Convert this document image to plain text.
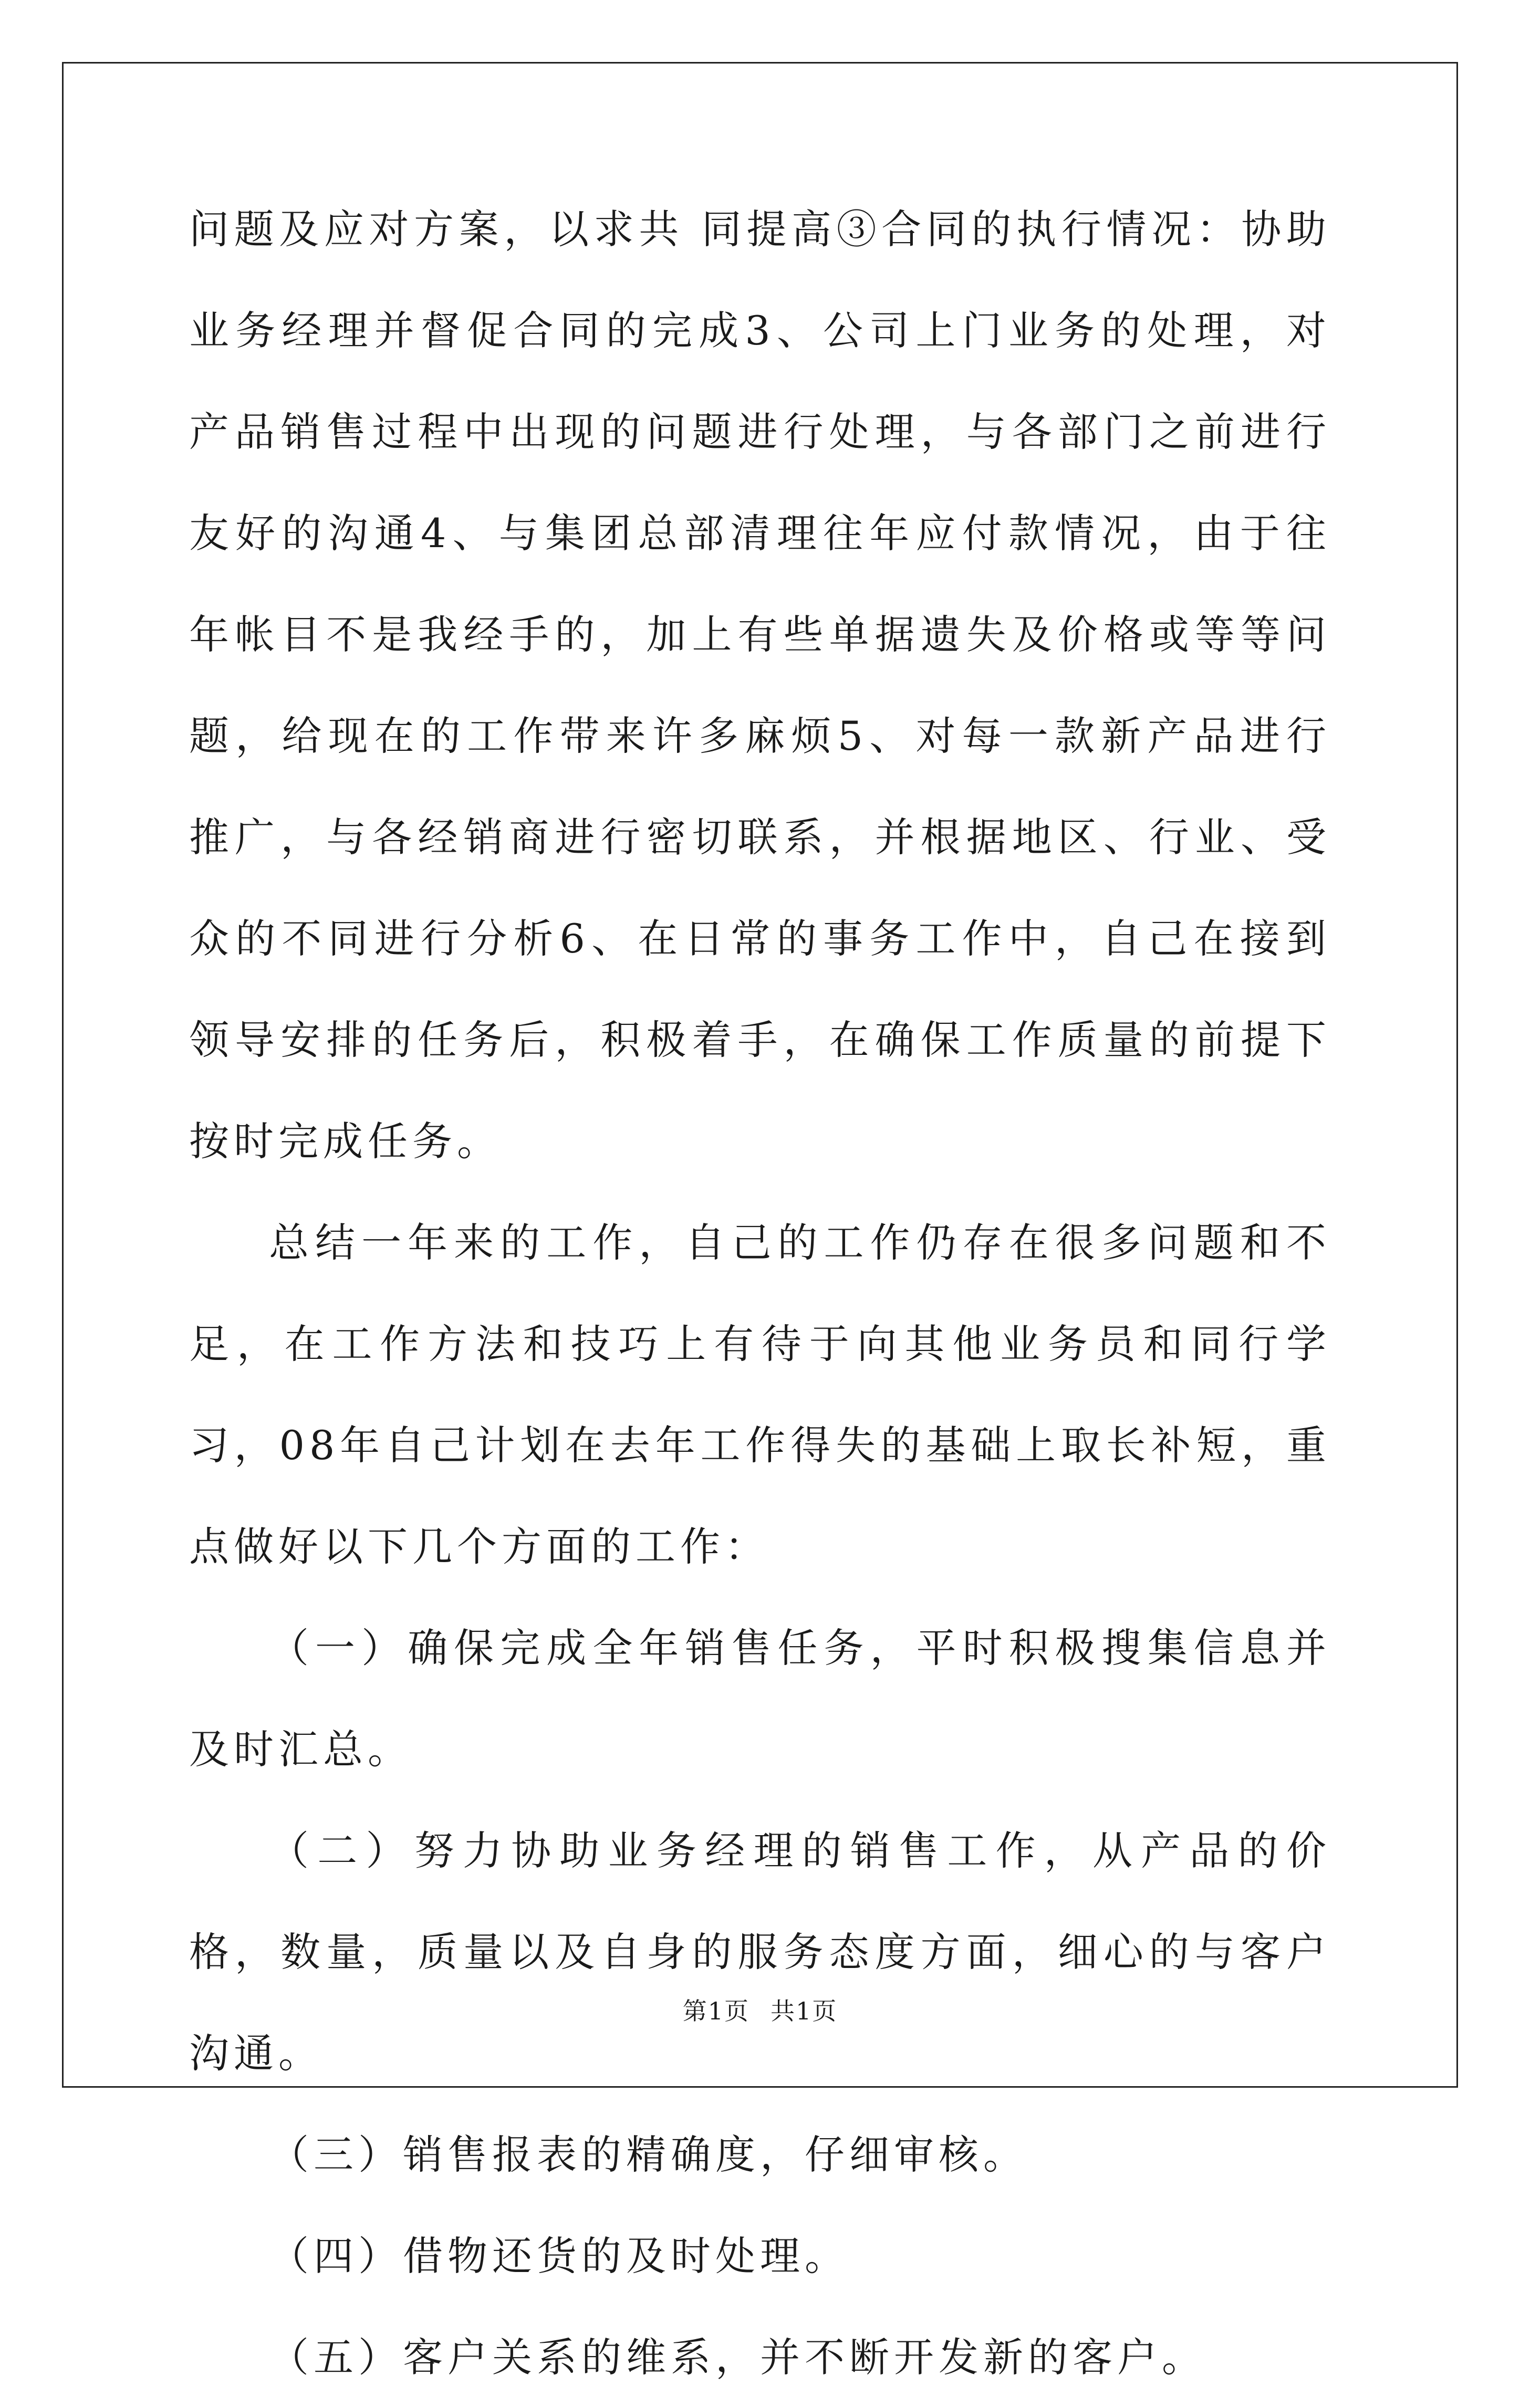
问题及应对方案，以求共 同提高③合同的执行情况：协助业务经理并督促合同的完成3、公司上门业务的处理，对产品销售过程中出现的问题进行处理，与各部门之前进行友好的沟通4、与集团总部清理往年应付款情况，由于往年帐目不是我经手的，加上有些单据遗失及价格或等等问题，给现在的工作带来许多麻烦5、对每一款新产品进行推广，与各经销商进行密切联系，并根据地区、行业、受众的不同进行分析6、在日常的事务工作中，自己在接到领导安排的任务后，积极着手，在确保工作质量的前提下按时完成任务。

总结一年来的工作，自己的工作仍存在很多问题和不足，在工作方法和技巧上有待于向其他业务员和同行学习，08年自己计划在去年工作得失的基础上取长补短，重点做好以下几个方面的工作：

（一）确保完成全年销售任务，平时积极搜集信息并及时汇总。

（二）努力协助业务经理的销售工作，从产品的价格，数量，质量以及自身的服务态度方面，细心的与客户沟通。

（三）销售报表的精确度，仔细审核。

（四）借物还货的及时处理。

（五）客户关系的维系，并不断开发新的客户。

第1页 共1页
